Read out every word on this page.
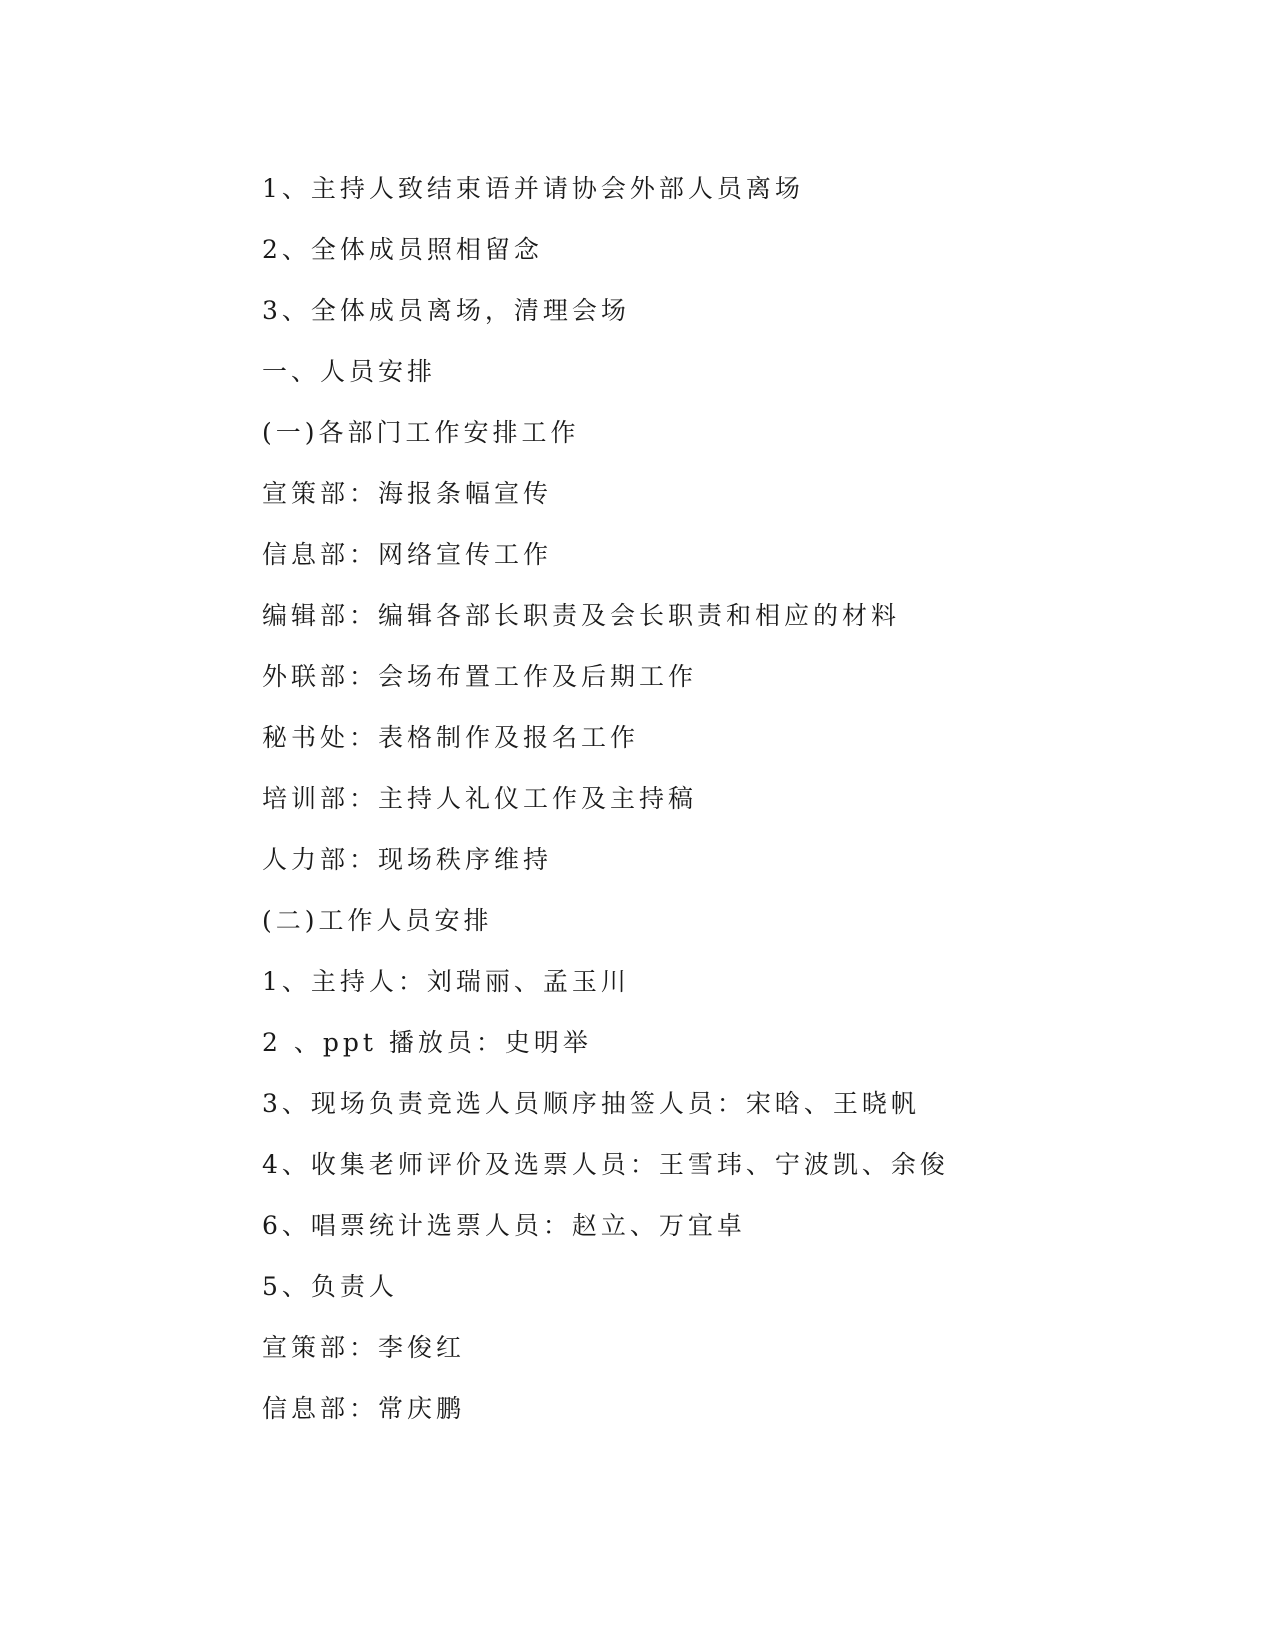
1、主持人致结束语并请协会外部人员离场
2、全体成员照相留念
3、全体成员离场，清理会场
一、人员安排
(一)各部门工作安排工作
宣策部：海报条幅宣传
信息部：网络宣传工作
编辑部：编辑各部长职责及会长职责和相应的材料
外联部：会场布置工作及后期工作
秘书处：表格制作及报名工作
培训部：主持人礼仪工作及主持稿
人力部：现场秩序维持
(二)工作人员安排
1、主持人：刘瑞丽、孟玉川
2 、ppt 播放员：史明举
3、现场负责竞选人员顺序抽签人员：宋晗、王晓帆
4、收集老师评价及选票人员：王雪玮、宁波凯、余俊
6、唱票统计选票人员：赵立、万宜卓
5、负责人
宣策部：李俊红
信息部：常庆鹏
